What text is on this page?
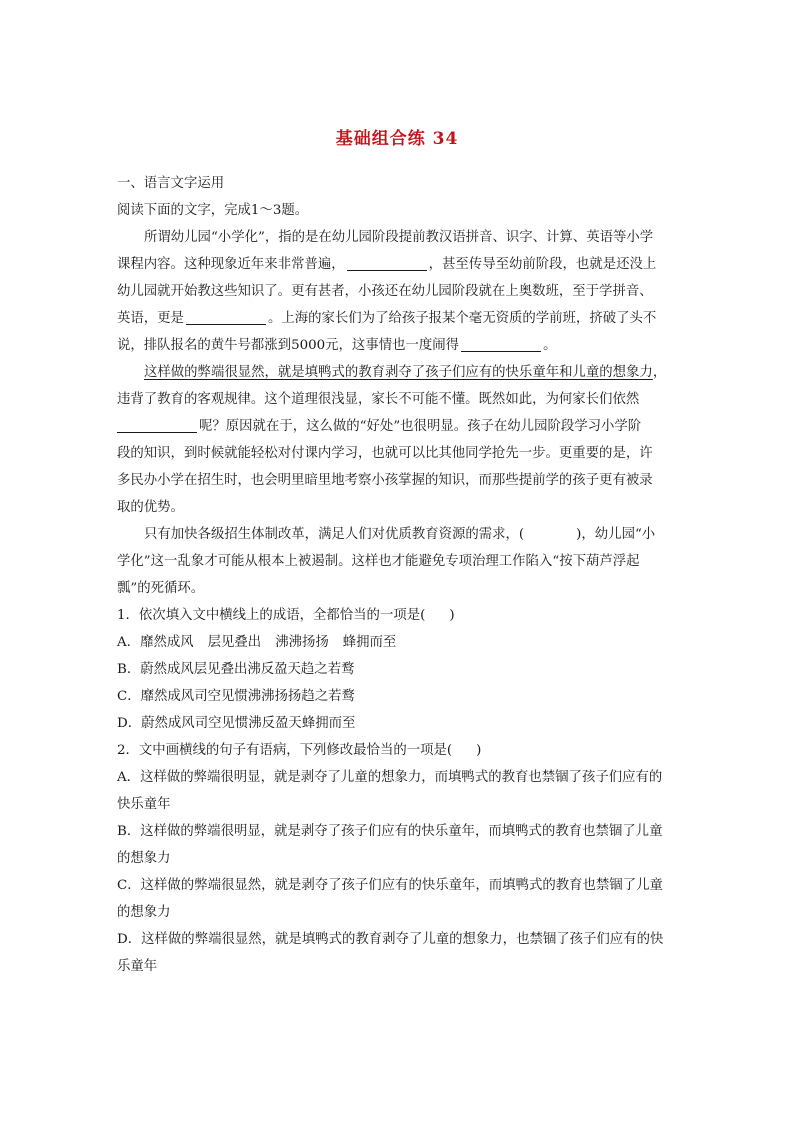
基础组合练 34
一、语言文字运用
阅读下面的文字，完成1～3题。
所谓幼儿园“小学化”，指的是在幼儿园阶段提前教汉语拼音、识字、计算、英语等小学
课程内容。这种现象近年来非常普遍，	，甚至传导至幼前阶段，也就是还没上
幼儿园就开始教这些知识了。更有甚者，小孩还在幼儿园阶段就在上奥数班，至于学拼音、
英语，更是	。上海的家长们为了给孩子报某个毫无资质的学前班，挤破了头不
说，排队报名的黄牛号都涨到5000元，这事情也一度闹得	。
这样做的弊端很显然，就是填鸭式的教育剥夺了孩子们应有的快乐童年和儿童的想象力，
违背了教育的客观规律。这个道理很浅显，家长不可能不懂。既然如此，为何家长们依然
呢？原因就在于，这么做的“好处”也很明显。孩子在幼儿园阶段学习小学阶
段的知识，到时候就能轻松对付课内学习，也就可以比其他同学抢先一步。更重要的是，许
多民办小学在招生时，也会明里暗里地考察小孩掌握的知识，而那些提前学的孩子更有被录
取的优势。
只有加快各级招生体制改革，满足人们对优质教育资源的需求，(	)，幼儿园“小
学化”这一乱象才可能从根本上被遏制。这样也才能避免专项治理工作陷入“按下葫芦浮起
瓢”的死循环。
1．依次填入文中横线上的成语，全都恰当的一项是( )
A．靡然成风 层见叠出 沸沸扬扬 蜂拥而至
B．蔚然成风层见叠出沸反盈天趋之若鹜
C．靡然成风司空见惯沸沸扬扬趋之若鹜
D．蔚然成风司空见惯沸反盈天蜂拥而至
2．文中画横线的句子有语病，下列修改最恰当的一项是( )
A．这样做的弊端很明显，就是剥夺了儿童的想象力，而填鸭式的教育也禁锢了孩子们应有的
快乐童年
B．这样做的弊端很明显，就是剥夺了孩子们应有的快乐童年，而填鸭式的教育也禁锢了儿童
的想象力
C．这样做的弊端很显然，就是剥夺了孩子们应有的快乐童年，而填鸭式的教育也禁锢了儿童
的想象力
D．这样做的弊端很显然，就是填鸭式的教育剥夺了儿童的想象力，也禁锢了孩子们应有的快
乐童年
